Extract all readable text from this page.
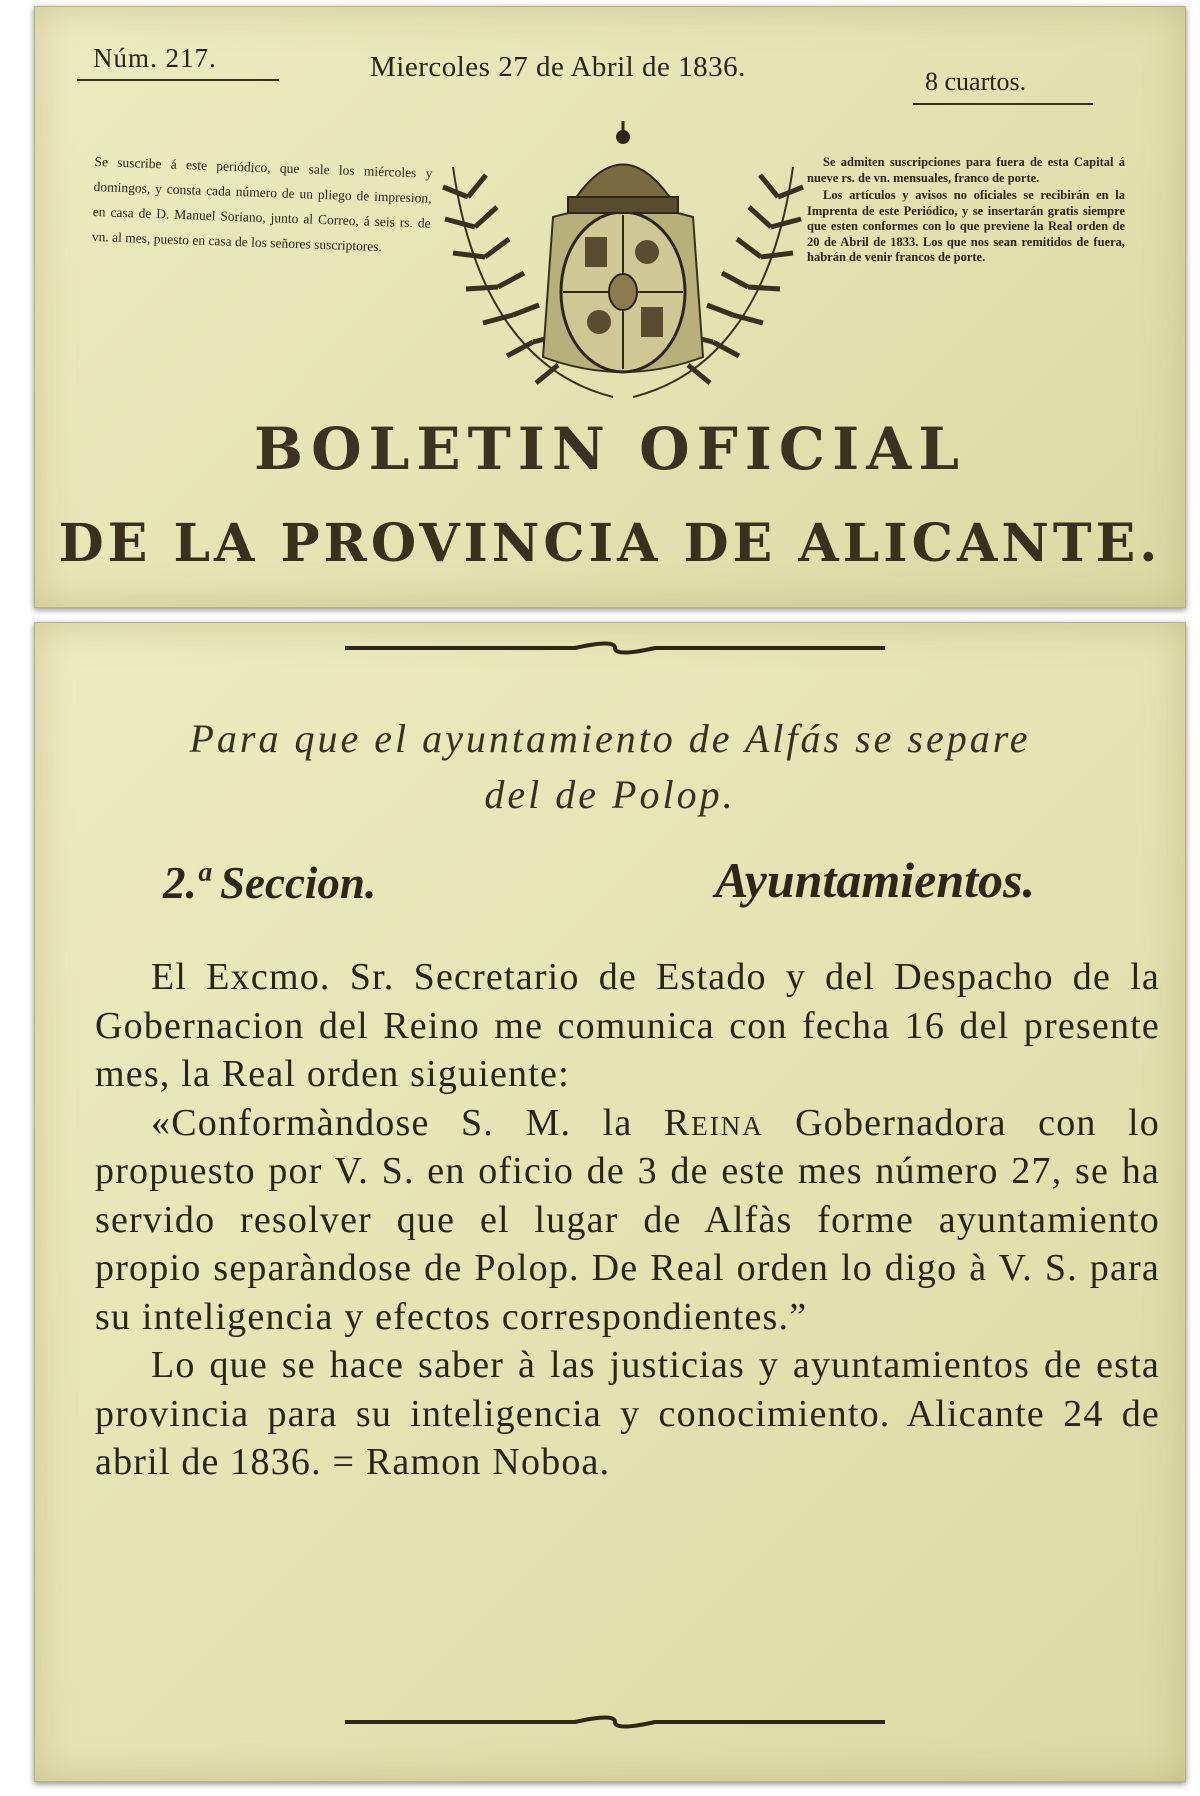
Núm. 217.	Miercoles 27 de Abril de 1836.	8 cuartos.
Se suscribe á este periódico, que sale los miércoles y domingos, y consta cada número de un pliego de impresion, en casa de D. Manuel Soriano, junto al Correo, á seis rs. de vn. al mes, puesto en casa de los señores suscriptores.

Se admiten suscripciones para fuera de esta Capital á nueve rs. de vn. mensuales, franco de porte.

Los artículos y avisos no oficiales se recibirán en la Imprenta de este Periódico, y se insertarán gratis siempre que esten conformes con lo que previene la Real orden de 20 de Abril de 1833. Los que nos sean remitidos de fuera, habrán de venir francos de porte.

BOLETIN OFICIAL
DE LA PROVINCIA DE ALICANTE.
Para que el ayuntamiento de Alfás se separe
del de Polop.
2.ª Seccion.	Ayuntamientos.

El Excmo. Sr. Secretario de Estado y del Despacho de la Gobernacion del Reino me comunica con fecha 16 del presente mes, la Real orden siguiente:

«Conformàndose S. M. la Reina Gobernadora con lo propuesto por V. S. en oficio de 3 de este mes número 27, se ha servido resolver que el lugar de Alfàs forme ayuntamiento propio separàndose de Polop. De Real orden lo digo à V. S. para su inteligencia y efectos correspondientes.”

Lo que se hace saber à las justicias y ayuntamientos de esta provincia para su inteligencia y conocimiento. Alicante 24 de abril de 1836. = Ramon Noboa.
